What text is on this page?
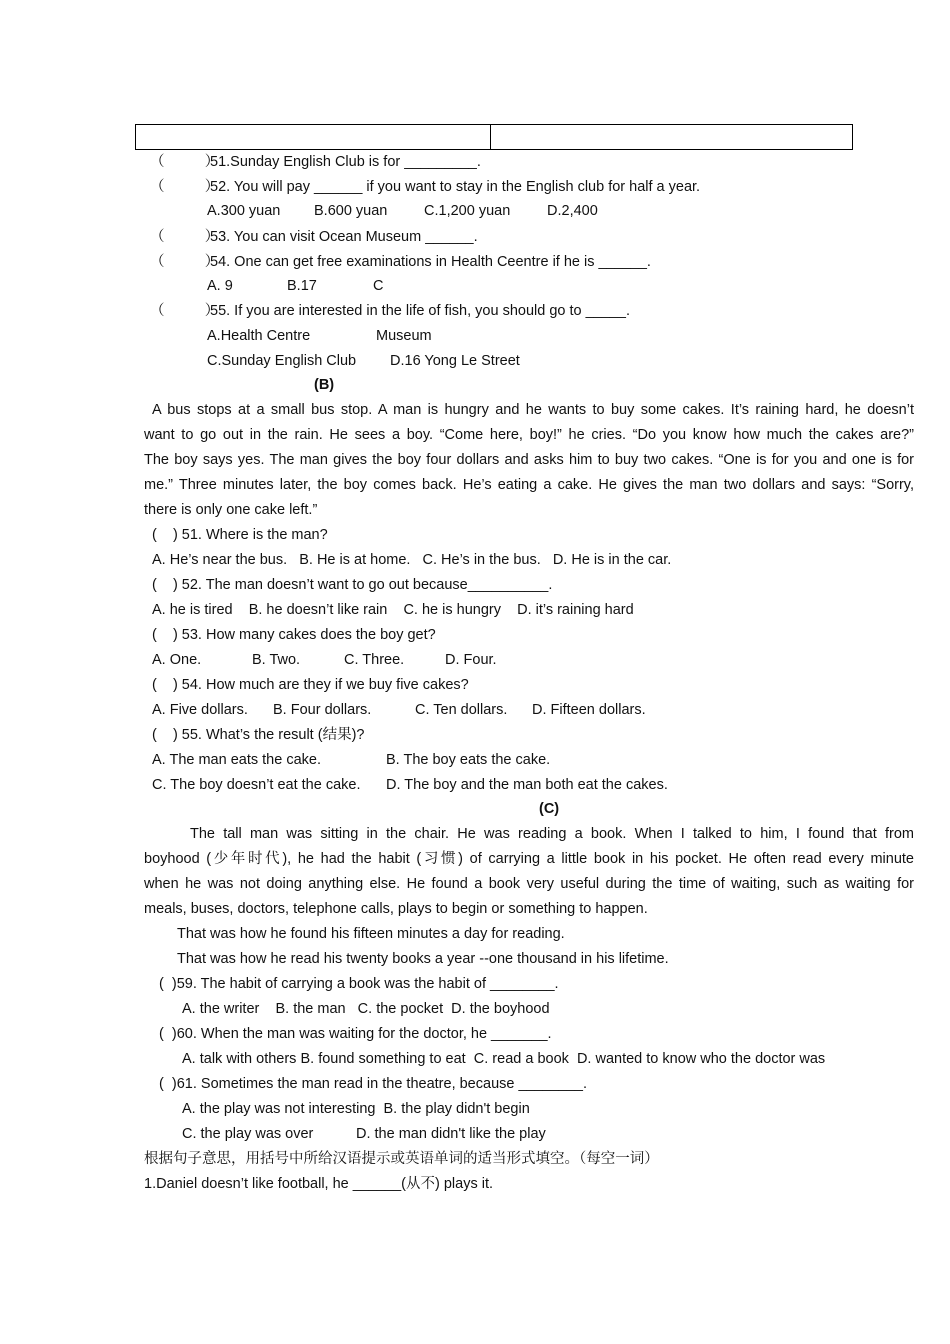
（          ）
51.Sunday English Club is for _________.
（          ）
52. You will pay ______ if you want to stay in the English club for half a year.
A.300 yuan B.600 yuan	C.1,200 yuan	D.2,400
（          ）
53. You can visit Ocean Museum ______.
（          ）
54. One can get free examinations in Health Ceentre if he is ______.
A. 9	B.17	C
（          ）
55. If you are interested in the life of fish, you should go to _____.
A.Health Centre	Museum
C.Sunday English Club D.16 Yong Le Street
(B)
A bus stops at a small bus stop. A man is hungry and he wants to buy some cakes. It’s raining hard, he doesn’t
want to go out in the rain. He sees a boy. “Come here, boy!” he cries. “Do you know how much the cakes are?”
The boy says yes. The man gives the boy four dollars and asks him to buy two cakes. “One is for you and one is for
me.” Three minutes later, the boy comes back. He’s eating a cake. He gives the man two dollars and says: “Sorry,
there is only one cake left.”
(    ) 51. Where is the man?
A. He’s near the bus.   B. He is at home.   C. He’s in the bus.   D. He is in the car.
(    ) 52. The man doesn’t want to go out because__________.
A. he is tired    B. he doesn’t like rain    C. he is hungry    D. it’s raining hard
(    ) 53. How many cakes does the boy get?
A. One.	B. Two.	C. Three.	D. Four.
(    ) 54. How much are they if we buy five cakes?
A. Five dollars. B. Four dollars.	C. Ten dollars. D. Fifteen dollars.
(    ) 55. What’s the result (结果)?
A. The man eats the cake.	B. The boy eats the cake.
C. The boy doesn’t eat the cake. D. The boy and the man both eat the cakes.
(C)
The tall man was sitting in the chair. He was reading a book. When I talked to him, I found that from
boyhood (少年时代), he had the habit (习惯) of carrying a little book in his pocket. He often read every minute
when he was not doing anything else. He found a book very useful during the time of waiting, such as waiting for
meals, buses, doctors, telephone calls, plays to begin or something to happen.
That was how he found his fifteen minutes a day for reading.
That was how he read his twenty books a year --one thousand in his lifetime.
(  )59. The habit of carrying a book was the habit of ________.
A. the writer    B. the man   C. the pocket  D. the boyhood
(  )60. When the man was waiting for the doctor, he _______.
A. talk with others B. found something to eat  C. read a book  D. wanted to know who the doctor was
(  )61. Sometimes the man read in the theatre, because ________.
A. the play was not interesting  B. the play didn't begin
C. the play was over	D. the man didn't like the play
根据句子意思，用括号中所给汉语提示或英语单词的适当形式填空。（每空一词）
1.Daniel doesn’t like football, he ______(从不) plays it.
